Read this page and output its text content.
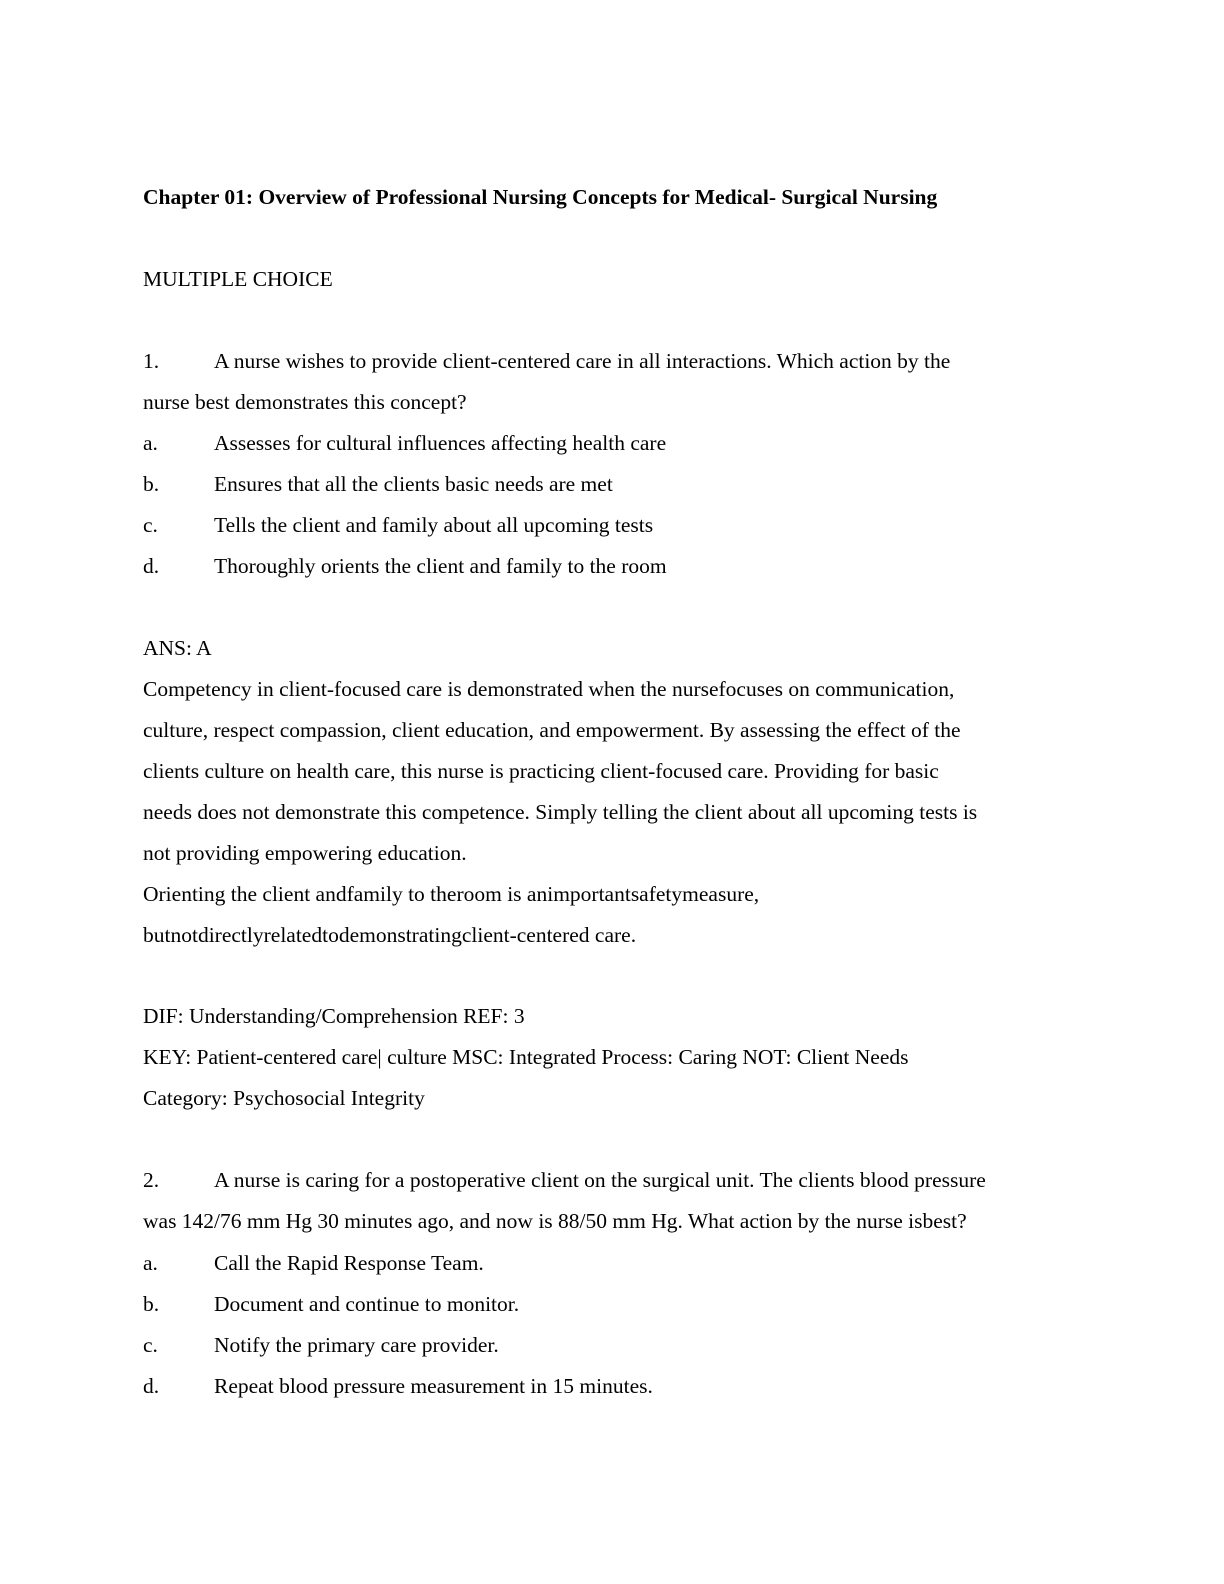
Chapter 01: Overview of Professional Nursing Concepts for Medical- Surgical Nursing
MULTIPLE CHOICE
1.	A nurse wishes to provide client-centered care in all interactions. Which action by the
nurse best demonstrates this concept?
a.	Assesses for cultural influences affecting health care
b.	Ensures that all the clients basic needs are met
c.	Tells the client and family about all upcoming tests
d.	Thoroughly orients the client and family to the room
ANS: A
Competency in client-focused care is demonstrated when the nursefocuses on communication,
culture, respect compassion, client education, and empowerment. By assessing the effect of the
clients culture on health care, this nurse is practicing client-focused care. Providing for basic
needs does not demonstrate this competence. Simply telling the client about all upcoming tests is
not providing empowering education.
Orienting the client andfamily to theroom is animportantsafetymeasure,
butnotdirectlyrelatedtodemonstratingclient-centered care.
DIF: Understanding/Comprehension REF: 3
KEY: Patient-centered care| culture MSC: Integrated Process: Caring NOT: Client Needs
Category: Psychosocial Integrity
2.	A nurse is caring for a postoperative client on the surgical unit. The clients blood pressure
was 142/76 mm Hg 30 minutes ago, and now is 88/50 mm Hg. What action by the nurse isbest?
a.	Call the Rapid Response Team.
b.	Document and continue to monitor.
c.	Notify the primary care provider.
d.	Repeat blood pressure measurement in 15 minutes.
